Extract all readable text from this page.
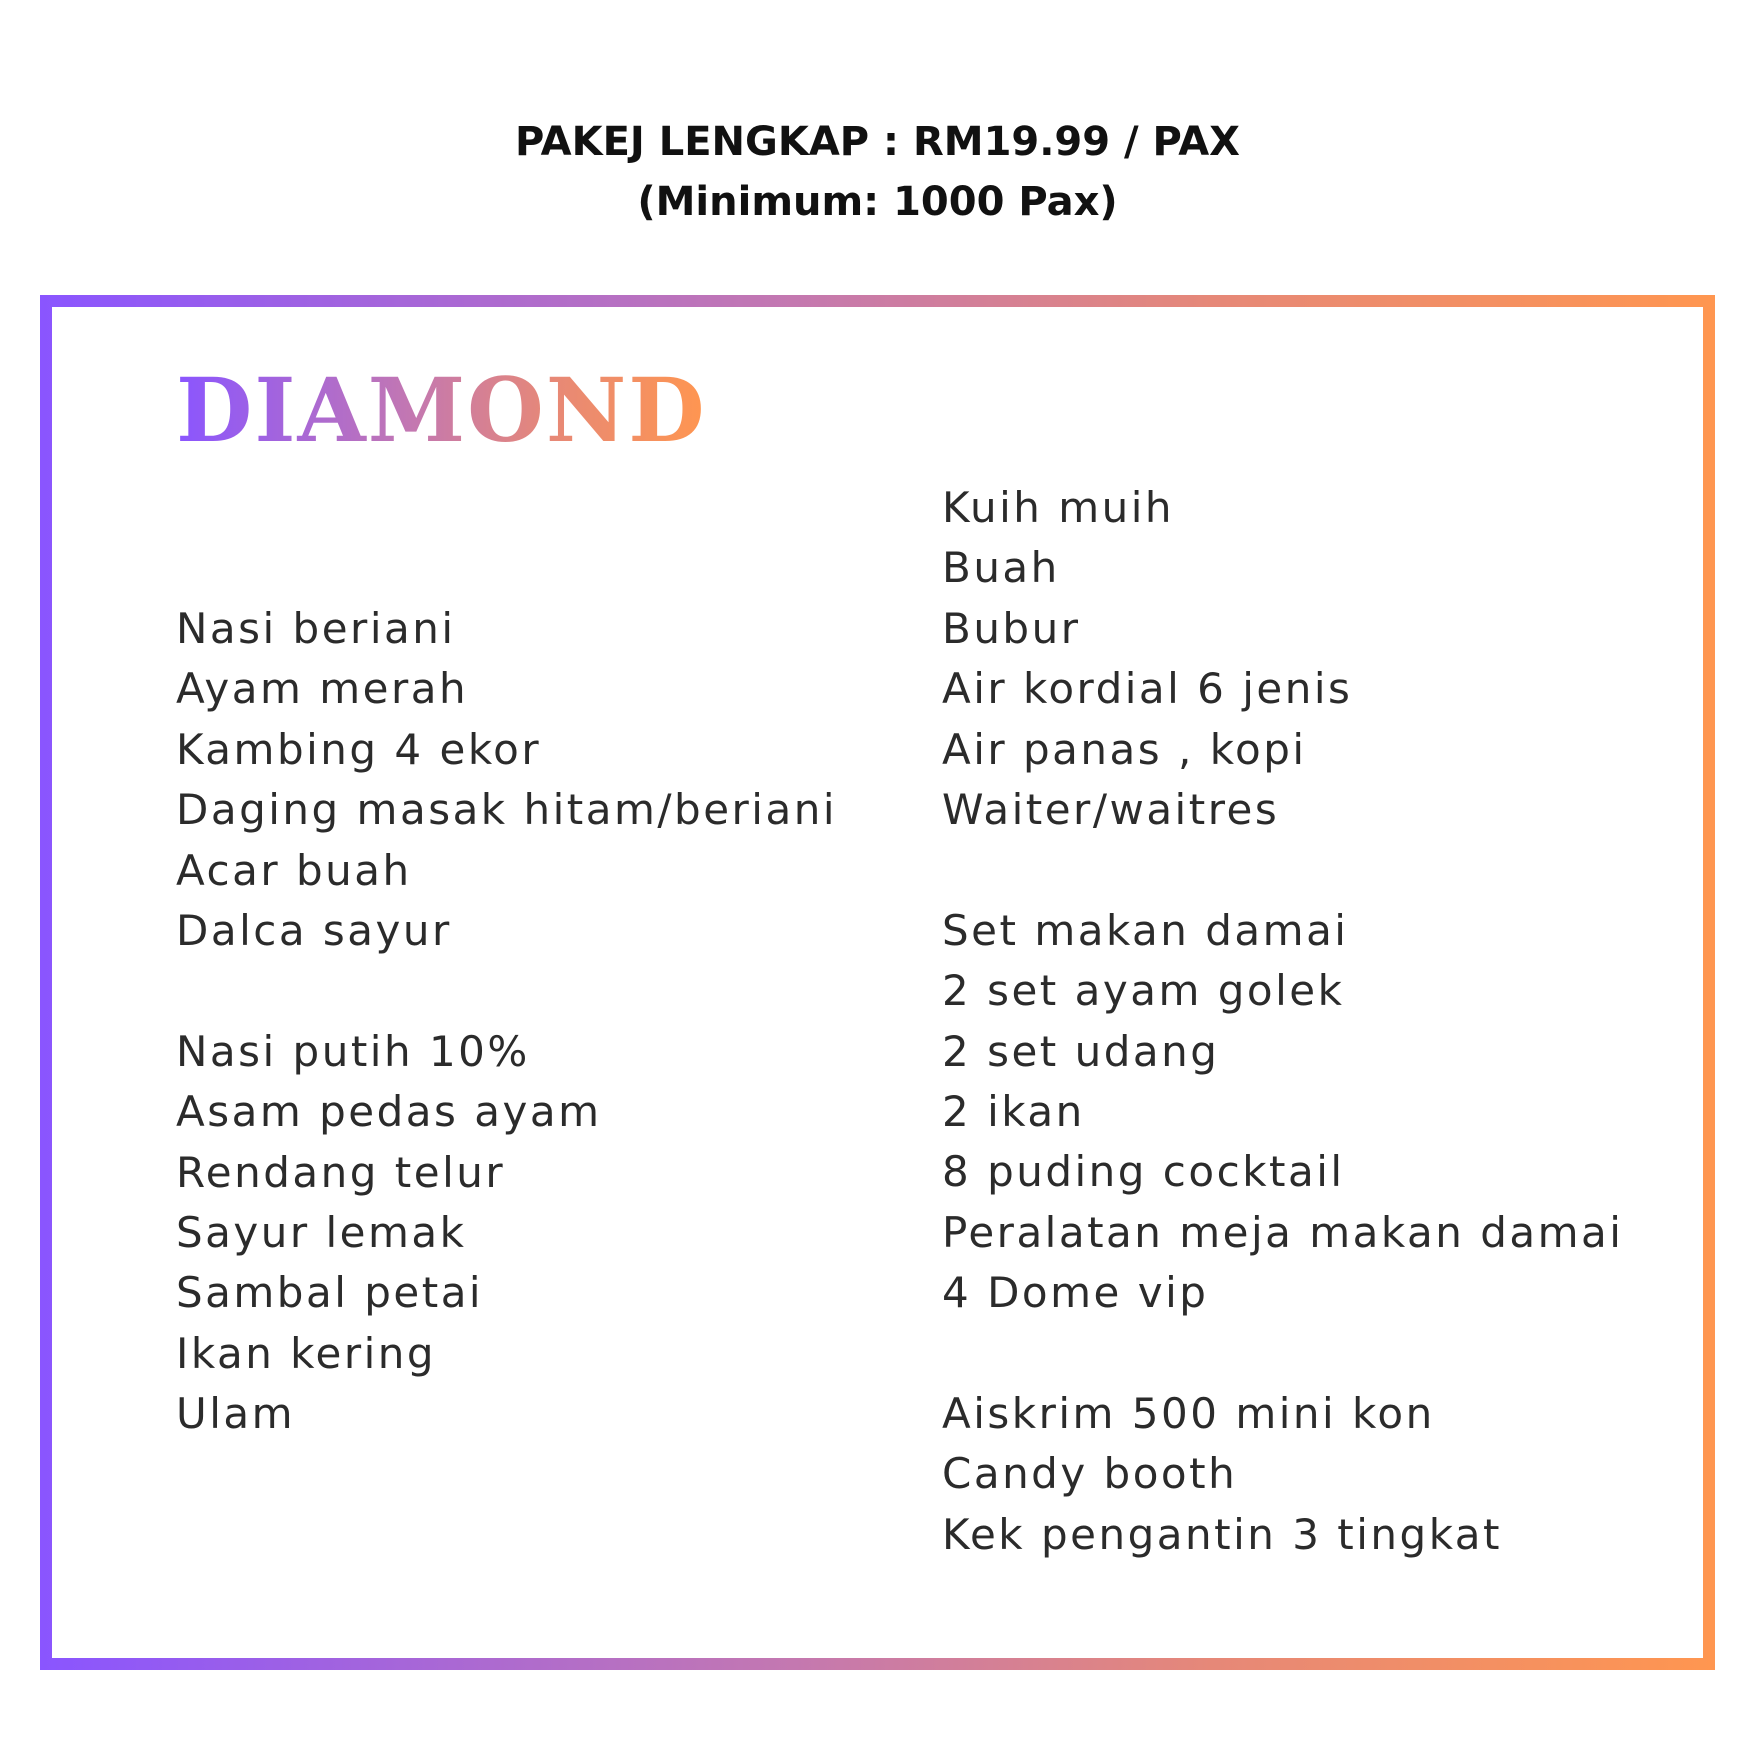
PAKEJ LENGKAP : RM19.99 / PAX
(Minimum: 1000 Pax)
DIAMOND
Nasi beriani
Ayam merah
Kambing 4 ekor
Daging masak hitam/beriani
Acar buah
Dalca sayur
Nasi putih 10%
Asam pedas ayam
Rendang telur
Sayur lemak
Sambal petai
Ikan kering
Ulam
Kuih muih
Buah
Bubur
Air kordial 6 jenis
Air panas , kopi
Waiter/waitres
Set makan damai
2 set ayam golek
2 set udang
2 ikan
8 puding cocktail
Peralatan meja makan damai
4 Dome vip
Aiskrim 500 mini kon
Candy booth
Kek pengantin 3 tingkat
